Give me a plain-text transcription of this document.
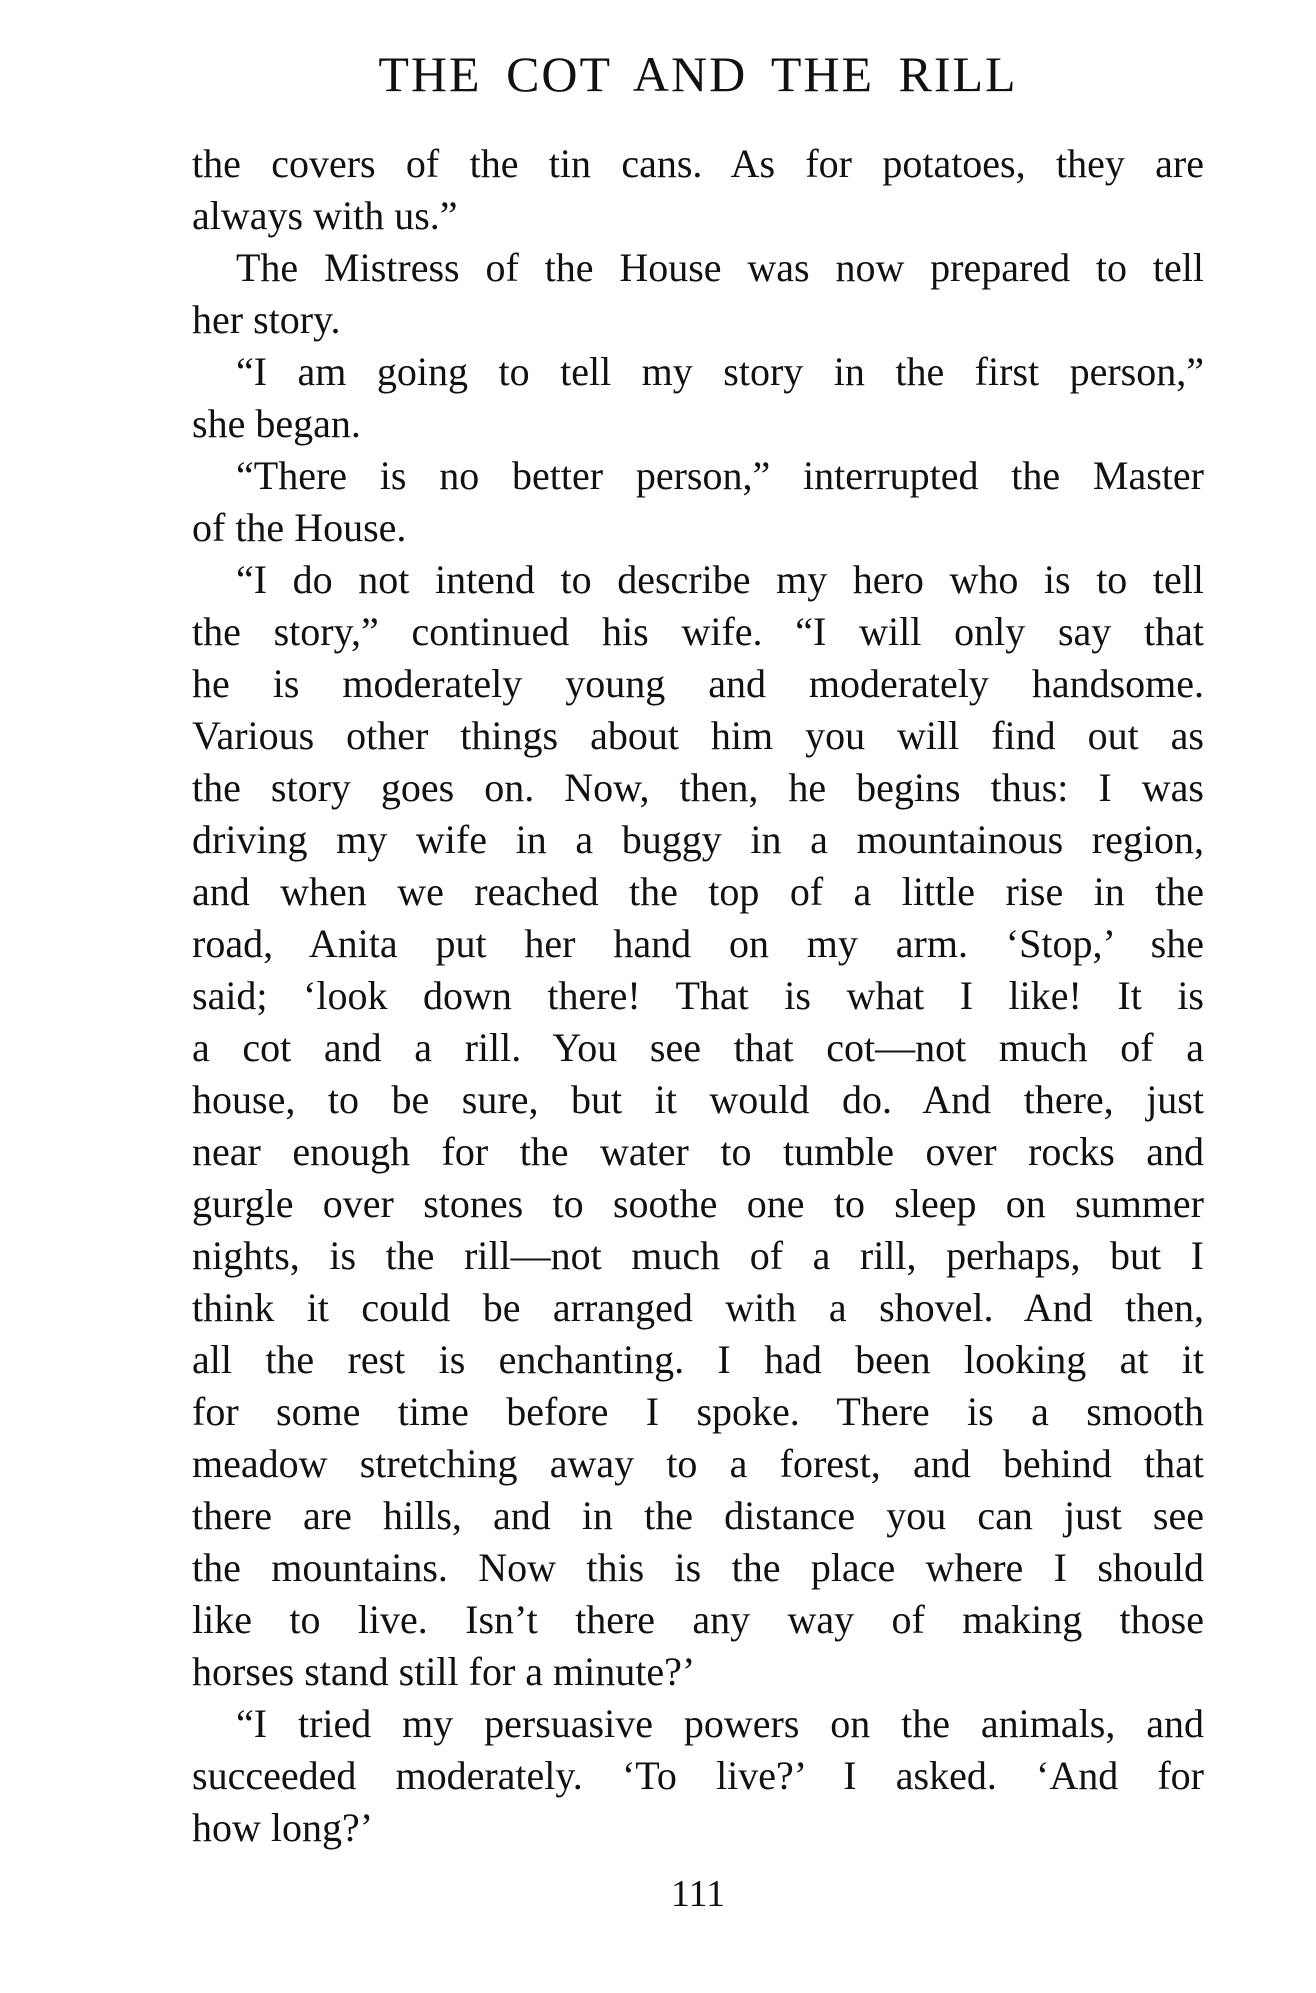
THE COT AND THE RILL
the covers of the tin cans. As for potatoes, they are
always with us.”
The Mistress of the House was now prepared to tell
her story.
“I am going to tell my story in the first person,”
she began.
“There is no better person,” interrupted the Master
of the House.
“I do not intend to describe my hero who is to tell
the story,” continued his wife. “I will only say that
he is moderately young and moderately handsome.
Various other things about him you will find out as
the story goes on. Now, then, he begins thus: I was
driving my wife in a buggy in a mountainous region,
and when we reached the top of a little rise in the
road, Anita put her hand on my arm. ‘Stop,’ she
said; ‘look down there! That is what I like! It is
a cot and a rill. You see that cot—not much of a
house, to be sure, but it would do. And there, just
near enough for the water to tumble over rocks and
gurgle over stones to soothe one to sleep on summer
nights, is the rill—not much of a rill, perhaps, but I
think it could be arranged with a shovel. And then,
all the rest is enchanting. I had been looking at it
for some time before I spoke. There is a smooth
meadow stretching away to a forest, and behind that
there are hills, and in the distance you can just see
the mountains. Now this is the place where I should
like to live. Isn’t there any way of making those
horses stand still for a minute?’
“I tried my persuasive powers on the animals, and
succeeded moderately. ‘To live?’ I asked. ‘And for
how long?’
111
